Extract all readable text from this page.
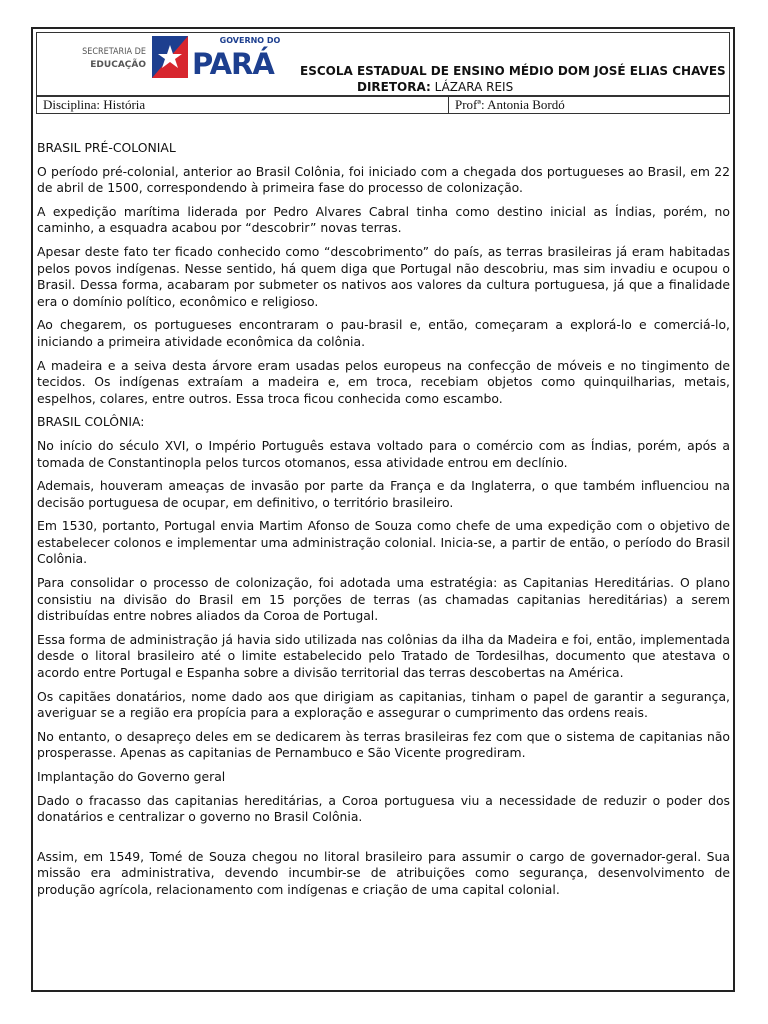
SECRETARIA DE
EDUCAÇÃO
GOVERNO DO
PARÁ ESCOLA ESTADUAL DE ENSINO MÉDIO DOM JOSÉ ELIAS CHAVES
DIRETORA: LÁZARA REIS
Disciplina: História	Profª: Antonia Bordó

BRASIL PRÉ-COLONIAL

O período pré-colonial, anterior ao Brasil Colônia, foi iniciado com a chegada dos portugueses ao Brasil, em 22 de abril de 1500, correspondendo à primeira fase do processo de colonização.

A expedição marítima liderada por Pedro Alvares Cabral tinha como destino inicial as Índias, porém, no caminho, a esquadra acabou por “descobrir” novas terras.

Apesar deste fato ter ficado conhecido como “descobrimento” do país, as terras brasileiras já eram habitadas pelos povos indígenas. Nesse sentido, há quem diga que Portugal não descobriu, mas sim invadiu e ocupou o Brasil. Dessa forma, acabaram por submeter os nativos aos valores da cultura portuguesa, já que a finalidade era o domínio político, econômico e religioso.

Ao chegarem, os portugueses encontraram o pau-brasil e, então, começaram a explorá-lo e comerciá-lo, iniciando a primeira atividade econômica da colônia.

A madeira e a seiva desta árvore eram usadas pelos europeus na confecção de móveis e no tingimento de tecidos. Os indígenas extraíam a madeira e, em troca, recebiam objetos como quinquilharias, metais, espelhos, colares, entre outros. Essa troca ficou conhecida como escambo.

BRASIL COLÔNIA:

No início do século XVI, o Império Português estava voltado para o comércio com as Índias, porém, após a tomada de Constantinopla pelos turcos otomanos, essa atividade entrou em declínio.

Ademais, houveram ameaças de invasão por parte da França e da Inglaterra, o que também influenciou na decisão portuguesa de ocupar, em definitivo, o território brasileiro.

Em 1530, portanto, Portugal envia Martim Afonso de Souza como chefe de uma expedição com o objetivo de estabelecer colonos e implementar uma administração colonial. Inicia-se, a partir de então, o período do Brasil Colônia.

Para consolidar o processo de colonização, foi adotada uma estratégia: as Capitanias Hereditárias. O plano consistiu na divisão do Brasil em 15 porções de terras (as chamadas capitanias hereditárias) a serem distribuídas entre nobres aliados da Coroa de Portugal.

Essa forma de administração já havia sido utilizada nas colônias da ilha da Madeira e foi, então, implementada desde o litoral brasileiro até o limite estabelecido pelo Tratado de Tordesilhas, documento que atestava o acordo entre Portugal e Espanha sobre a divisão territorial das terras descobertas na América.

Os capitães donatários, nome dado aos que dirigiam as capitanias, tinham o papel de garantir a segurança, averiguar se a região era propícia para a exploração e assegurar o cumprimento das ordens reais.

No entanto, o desapreço deles em se dedicarem às terras brasileiras fez com que o sistema de capitanias não prosperasse. Apenas as capitanias de Pernambuco e São Vicente progrediram.

Implantação do Governo geral

Dado o fracasso das capitanias hereditárias, a Coroa portuguesa viu a necessidade de reduzir o poder dos donatários e centralizar o governo no Brasil Colônia.

Assim, em 1549, Tomé de Souza chegou no litoral brasileiro para assumir o cargo de governador-geral. Sua missão era administrativa, devendo incumbir-se de atribuições como segurança, desenvolvimento de produção agrícola, relacionamento com indígenas e criação de uma capital colonial.
